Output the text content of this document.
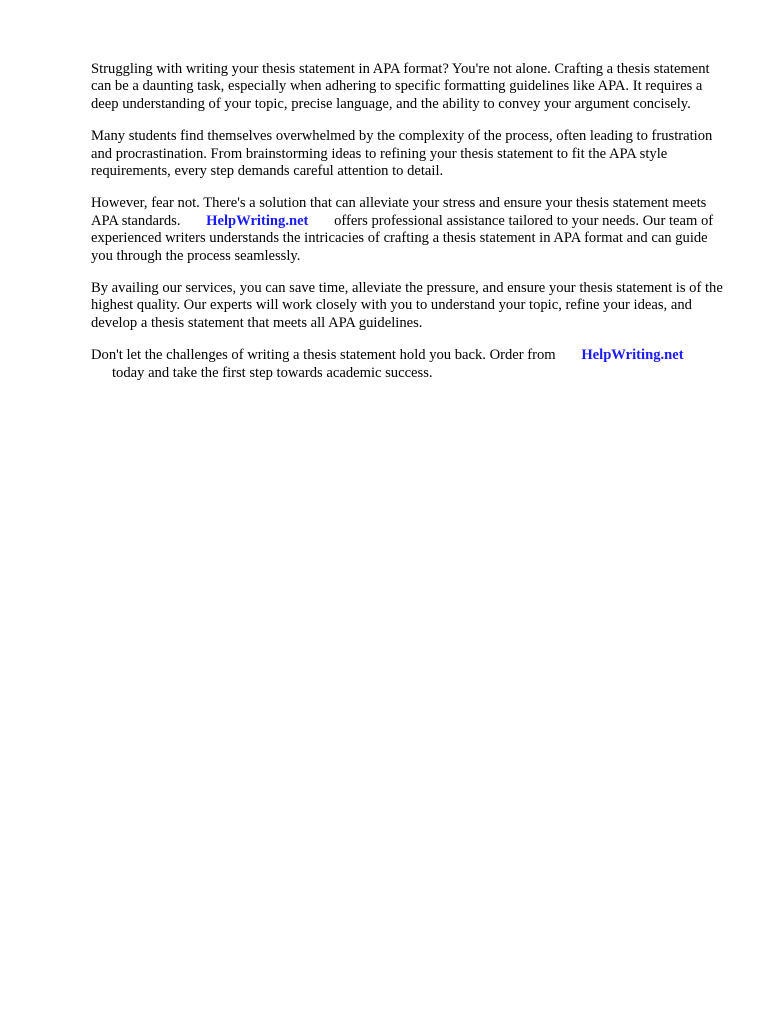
Struggling with writing your thesis statement in APA format? You're not alone. Crafting a thesis statement can be a daunting task, especially when adhering to specific formatting guidelines like APA. It requires a deep understanding of your topic, precise language, and the ability to convey your argument concisely.

Many students find themselves overwhelmed by the complexity of the process, often leading to frustration and procrastination. From brainstorming ideas to refining your thesis statement to fit the APA style requirements, every step demands careful attention to detail.

However, fear not. There's a solution that can alleviate your stress and ensure your thesis statement meets APA standards. HelpWriting.net offers professional assistance tailored to your needs. Our team of experienced writers understands the intricacies of crafting a thesis statement in APA format and can guide you through the process seamlessly.

By availing our services, you can save time, alleviate the pressure, and ensure your thesis statement is of the highest quality. Our experts will work closely with you to understand your topic, refine your ideas, and develop a thesis statement that meets all APA guidelines.

Don't let the challenges of writing a thesis statement hold you back. Order from HelpWriting.net
today and take the first step towards academic success.
